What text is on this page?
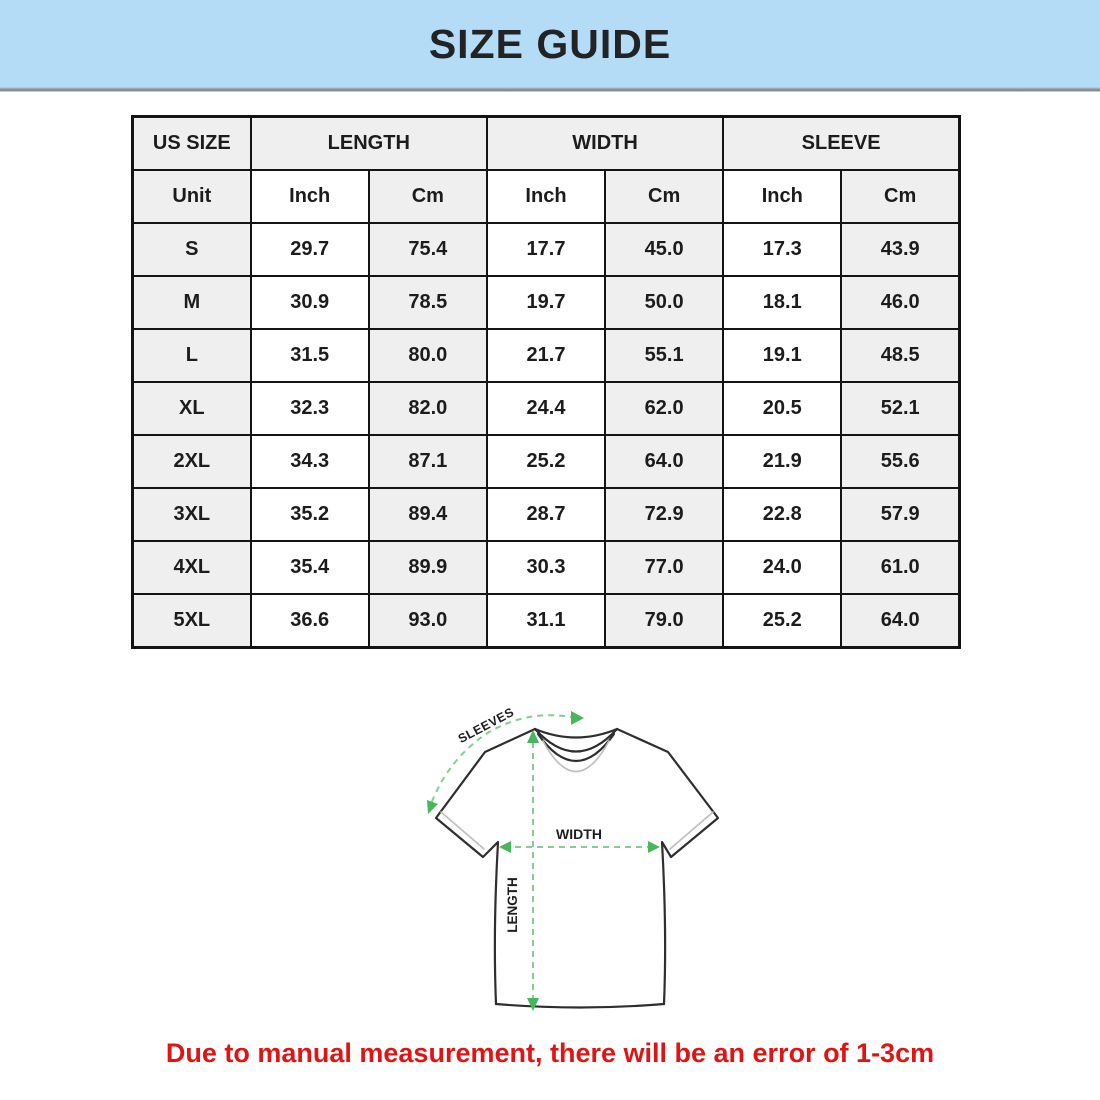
SIZE GUIDE
US SIZE	LENGTH		WIDTH		SLEEVE	
Unit	Inch	Cm	Inch	Cm	Inch	Cm
S	29.7	75.4	17.7	45.0	17.3	43.9
M	30.9	78.5	19.7	50.0	18.1	46.0
L	31.5	80.0	21.7	55.1	19.1	48.5
XL	32.3	82.0	24.4	62.0	20.5	52.1
2XL	34.3	87.1	25.2	64.0	21.9	55.6
3XL	35.2	89.4	28.7	72.9	22.8	57.9
4XL	35.4	89.9	30.3	77.0	24.0	61.0
5XL	36.6	93.0	31.1	79.0	25.2	64.0
WIDTH
LENGTH
SLEEVES
Due to manual measurement, there will be an error of 1-3cm
